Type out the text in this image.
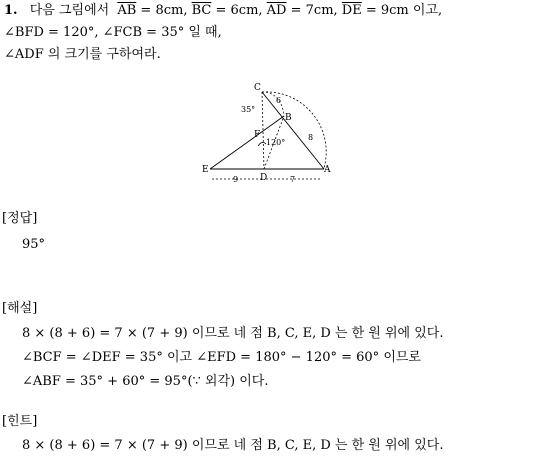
1. 다음 그림에서 $\overline{AB} = 8cm$, $\overline{BC} = 6cm$, $\overline{AD} = 7cm$, $\overline{DE} = 9cm$ 이고,
∠BFD = 120°, ∠FCB = 35° 일 때,
∠ADF 의 크기를 구하여라.
C
B
F
E
D
A
35°
120°
6
8
9	7
[정답]
95°
[해설]
8 × (8 + 6) = 7 × (7 + 9) 이므로 네 점 B, C, E, D 는 한 원 위에 있다.
∠BCF = ∠DEF = 35° 이고 ∠EFD = 180° − 120° = 60° 이므로
∠ABF = 35° + 60° = 95°(∵ 외각) 이다.
[힌트]
8 × (8 + 6) = 7 × (7 + 9) 이므로 네 점 B, C, E, D 는 한 원 위에 있다.
